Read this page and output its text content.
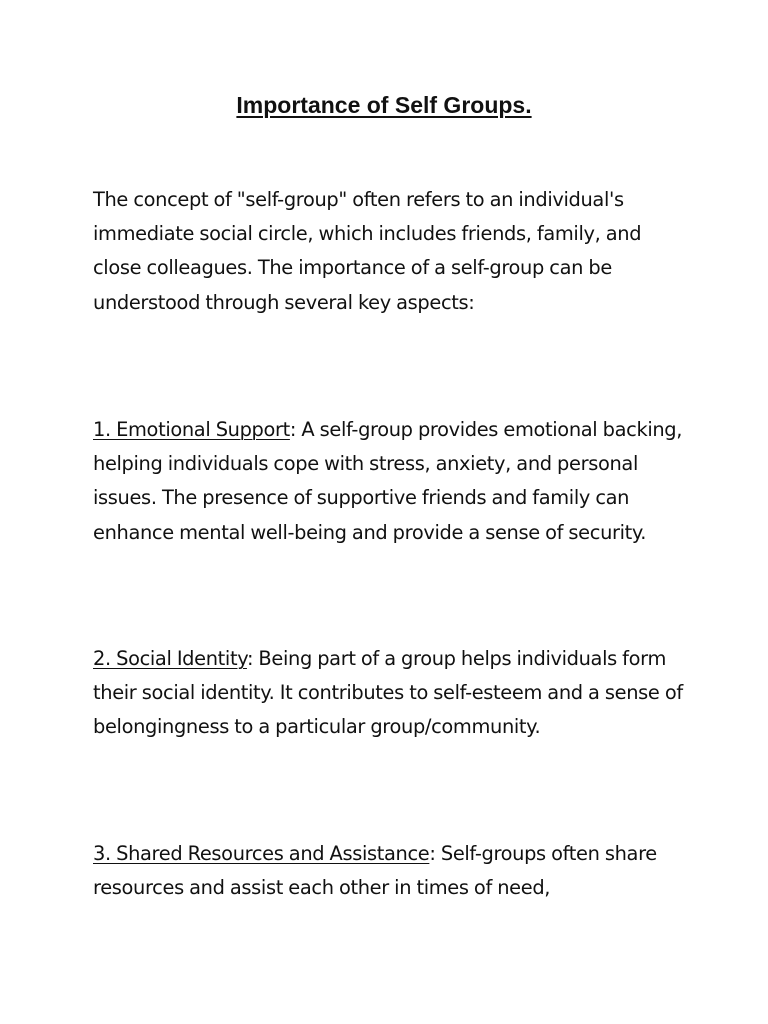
Importance of Self Groups.

The concept of "self-group" often refers to an individual's immediate social circle, which includes friends, family, and close colleagues. The importance of a self-group can be understood through several key aspects:

1. Emotional Support: A self-group provides emotional backing, helping individuals cope with stress, anxiety, and personal issues. The presence of supportive friends and family can enhance mental well-being and provide a sense of security.

2. Social Identity: Being part of a group helps individuals form their social identity. It contributes to self-esteem and a sense of belongingness to a particular group/community.

3. Shared Resources and Assistance: Self-groups often share resources and assist each other in times of need,
